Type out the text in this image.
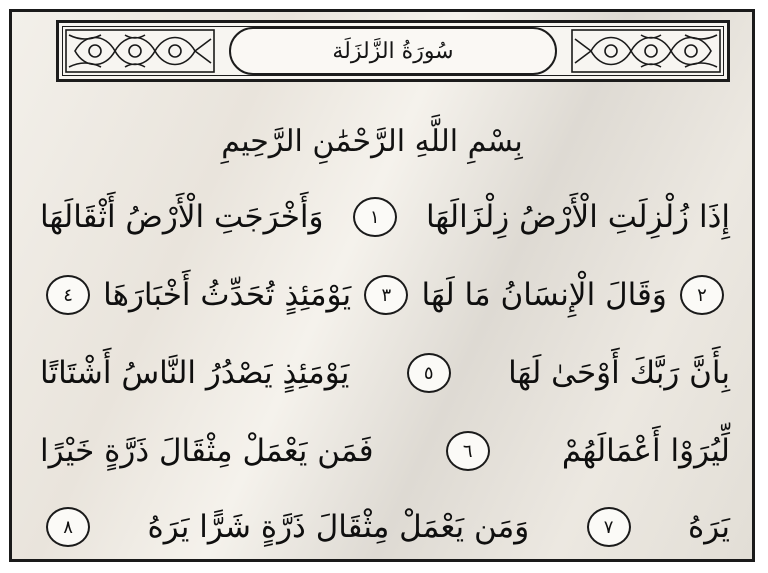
سُورَةُ الزَّلزَلَة
بِسْمِ اللَّهِ الرَّحْمَٰنِ الرَّحِيمِ
إِذَا زُلْزِلَتِ الْأَرْضُ زِلْزَالَهَا
١
وَأَخْرَجَتِ الْأَرْضُ أَثْقَالَهَا
٤ يَوْمَئِذٍ تُحَدِّثُ أَخْبَارَهَا	٣ وَقَالَ الْإِنسَانُ مَا لَهَا	٢
بِأَنَّ رَبَّكَ أَوْحَىٰ لَهَا
٥
يَوْمَئِذٍ يَصْدُرُ النَّاسُ أَشْتَاتًا
لِّيُرَوْا أَعْمَالَهُمْ
٦
فَمَن يَعْمَلْ مِثْقَالَ ذَرَّةٍ خَيْرًا
يَرَهُ
٧
وَمَن يَعْمَلْ مِثْقَالَ ذَرَّةٍ شَرًّا يَرَهُ
٨
